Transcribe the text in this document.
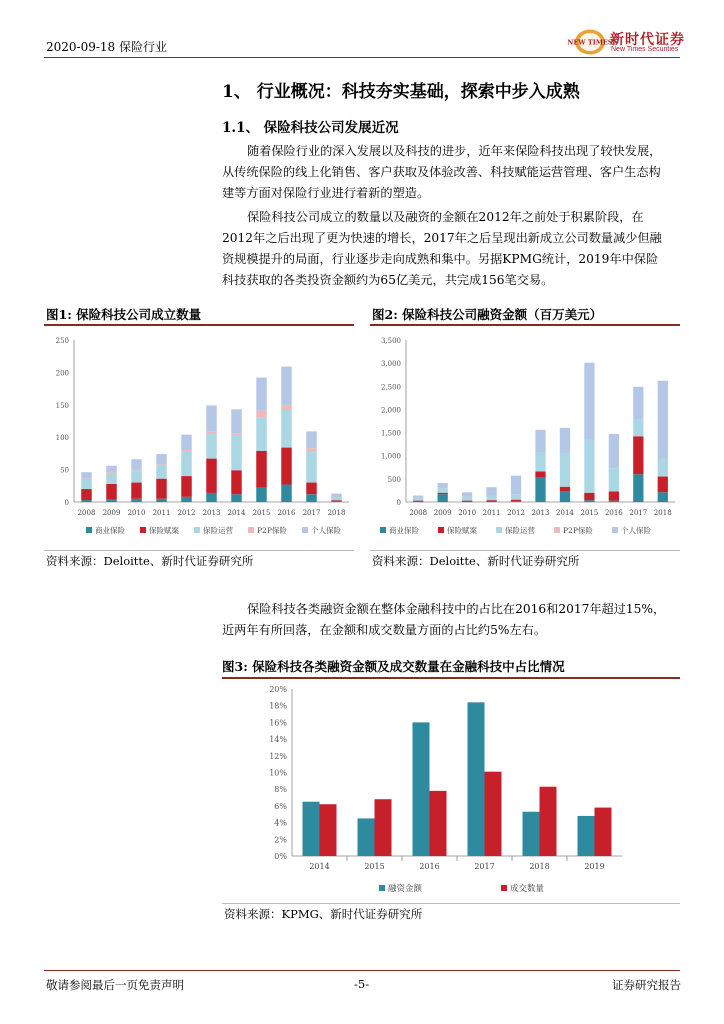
2020-09-18 保险行业	NEW TIMES
新时代证券
New Times Securities
1、 行业概况：科技夯实基础，探索中步入成熟
1.1、 保险科技公司发展近况
随着保险行业的深入发展以及科技的进步，近年来保险科技出现了较快发展，
从传统保险的线上化销售、客户获取及体验改善、科技赋能运营管理、客户生态构
建等方面对保险行业进行着新的塑造。
保险科技公司成立的数量以及融资的金额在2012年之前处于积累阶段，在
2012年之后出现了更为快速的增长，2017年之后呈现出新成立公司数量减少但融
资规模提升的局面，行业逐步走向成熟和集中。另据KPMG统计，2019年中保险
科技获取的各类投资金额约为65亿美元，共完成156笔交易。
保险科技各类融资金额在整体金融科技中的占比在2016和2017年超过15%，
近两年有所回落，在金额和成交数量方面的占比约5%左右。
图1: 保险科技公司成立数量
0
50
100
150
200
250
2008 2009 2010 2011 2012 2013 2014 2015 2016 2017 2018
商业保险	保险赋案	保险运营	P2P保险	个人保险
资料来源：Deloitte、新时代证券研究所
图2: 保险科技公司融资金额（百万美元）
0
500
1,000
1,500
2,000
2,500
3,000
3,500
2008 2009 2010 2011 2012 2013 2014 2015 2016 2017 2018
商业保险	保险赋案	保险运营	P2P保险	个人保险
资料来源：Deloitte、新时代证券研究所
图3: 保险科技各类融资金额及成交数量在金融科技中占比情况
0%
2%
4%
6%
8%
10%
12%
14%
16%
18%
20%
2014	2015	2016	2017	2018	2019
融资金额	成交数量
资料来源：KPMG、新时代证券研究所
敬请参阅最后一页免责声明	-5-	证券研究报告
